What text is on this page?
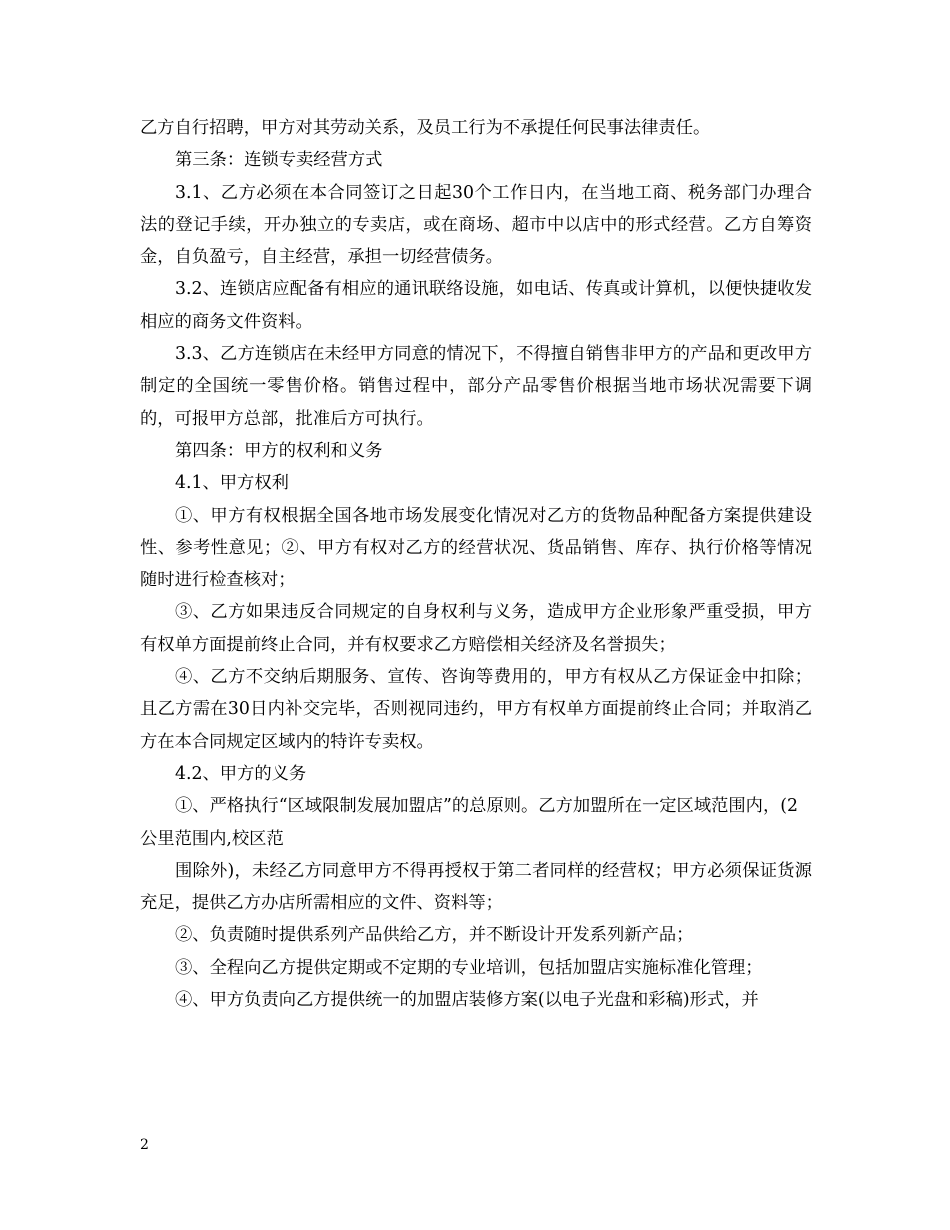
乙方自行招聘，甲方对其劳动关系，及员工行为不承提任何民事法律责任。

第三条：连锁专卖经营方式

3.1、乙方必须在本合同签订之日起30个工作日内，在当地工商、税务部门办理合法的登记手续，开办独立的专卖店，或在商场、超市中以店中的形式经营。乙方自筹资金，自负盈亏，自主经营，承担一切经营债务。

3.2、连锁店应配备有相应的通讯联络设施，如电话、传真或计算机，以便快捷收发相应的商务文件资料。

3.3、乙方连锁店在未经甲方同意的情况下，不得擅自销售非甲方的产品和更改甲方制定的全国统一零售价格。销售过程中，部分产品零售价根据当地市场状况需要下调的，可报甲方总部，批准后方可执行。

第四条：甲方的权利和义务

4.1、甲方权利

①、甲方有权根据全国各地市场发展变化情况对乙方的货物品种配备方案提供建设性、参考性意见；②、甲方有权对乙方的经营状况、货品销售、库存、执行价格等情况随时进行检查核对；

③、乙方如果违反合同规定的自身权利与义务，造成甲方企业形象严重受损，甲方有权单方面提前终止合同，并有权要求乙方赔偿相关经济及名誉损失；

④、乙方不交纳后期服务、宣传、咨询等费用的，甲方有权从乙方保证金中扣除；且乙方需在30日内补交完毕，否则视同违约，甲方有权单方面提前终止合同；并取消乙方在本合同规定区域内的特许专卖权。

4.2、甲方的义务

①、严格执行“区域限制发展加盟店”的总原则。乙方加盟所在一定区域范围内，(2公里范围内,校区范

围除外)，未经乙方同意甲方不得再授权于第二者同样的经营权；甲方必须保证货源充足，提供乙方办店所需相应的文件、资料等；

②、负责随时提供系列产品供给乙方，并不断设计开发系列新产品；

③、全程向乙方提供定期或不定期的专业培训，包括加盟店实施标准化管理；

④、甲方负责向乙方提供统一的加盟店装修方案(以电子光盘和彩稿)形式，并

2
